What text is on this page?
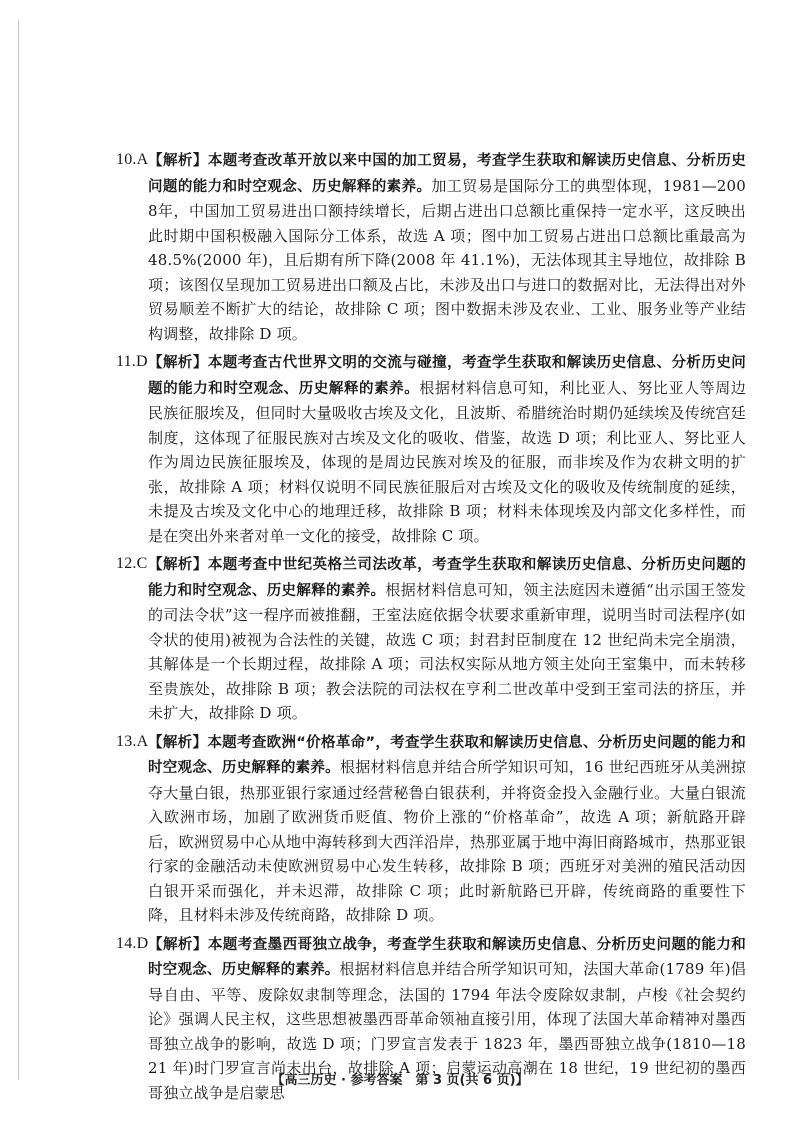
10.A 【解析】本题考查改革开放以来中国的加工贸易，考查学生获取和解读历史信息、分析历史问题的能力和时空观念、历史解释的素养。加工贸易是国际分工的典型体现，1981—2008年，中国加工贸易进出口额持续增长，后期占进出口总额比重保持一定水平，这反映出此时期中国积极融入国际分工体系，故选 A 项；图中加工贸易占进出口总额比重最高为 48.5%(2000 年)，且后期有所下降(2008 年 41.1%)，无法体现其主导地位，故排除 B 项；该图仅呈现加工贸易进出口额及占比，未涉及出口与进口的数据对比，无法得出对外贸易顺差不断扩大的结论，故排除 C 项；图中数据未涉及农业、工业、服务业等产业结构调整，故排除 D 项。
11.D 【解析】本题考查古代世界文明的交流与碰撞，考查学生获取和解读历史信息、分析历史问题的能力和时空观念、历史解释的素养。根据材料信息可知，利比亚人、努比亚人等周边民族征服埃及，但同时大量吸收古埃及文化，且波斯、希腊统治时期仍延续埃及传统宫廷制度，这体现了征服民族对古埃及文化的吸收、借鉴，故选 D 项；利比亚人、努比亚人作为周边民族征服埃及，体现的是周边民族对埃及的征服，而非埃及作为农耕文明的扩张，故排除 A 项；材料仅说明不同民族征服后对古埃及文化的吸收及传统制度的延续，未提及古埃及文化中心的地理迁移，故排除 B 项；材料未体现埃及内部文化多样性，而是在突出外来者对单一文化的接受，故排除 C 项。
12.C 【解析】本题考查中世纪英格兰司法改革，考查学生获取和解读历史信息、分析历史问题的能力和时空观念、历史解释的素养。根据材料信息可知，领主法庭因未遵循“出示国王签发的司法令状”这一程序而被推翻，王室法庭依据令状要求重新审理，说明当时司法程序(如令状的使用)被视为合法性的关键，故选 C 项；封君封臣制度在 12 世纪尚未完全崩溃，其解体是一个长期过程，故排除 A 项；司法权实际从地方领主处向王室集中，而未转移至贵族处，故排除 B 项；教会法院的司法权在亨利二世改革中受到王室司法的挤压，并未扩大，故排除 D 项。
13.A 【解析】本题考查欧洲“价格革命”，考查学生获取和解读历史信息、分析历史问题的能力和时空观念、历史解释的素养。根据材料信息并结合所学知识可知，16 世纪西班牙从美洲掠夺大量白银，热那亚银行家通过经营秘鲁白银获利，并将资金投入金融行业。大量白银流入欧洲市场，加剧了欧洲货币贬值、物价上涨的“价格革命”，故选 A 项；新航路开辟后，欧洲贸易中心从地中海转移到大西洋沿岸，热那亚属于地中海旧商路城市，热那亚银行家的金融活动未使欧洲贸易中心发生转移，故排除 B 项；西班牙对美洲的殖民活动因白银开采而强化，并未迟滞，故排除 C 项；此时新航路已开辟，传统商路的重要性下降，且材料未涉及传统商路，故排除 D 项。
14.D 【解析】本题考查墨西哥独立战争，考查学生获取和解读历史信息、分析历史问题的能力和时空观念、历史解释的素养。根据材料信息并结合所学知识可知，法国大革命(1789 年)倡导自由、平等、废除奴隶制等理念，法国的 1794 年法令废除奴隶制，卢梭《社会契约论》强调人民主权，这些思想被墨西哥革命领袖直接引用，体现了法国大革命精神对墨西哥独立战争的影响，故选 D 项；门罗宣言发表于 1823 年，墨西哥独立战争(1810—1821 年)时门罗宣言尚未出台，故排除 A 项；启蒙运动高潮在 18 世纪，19 世纪初的墨西哥独立战争是启蒙思
【高三历史 · 参考答案　第 3 页(共 6 页)】
